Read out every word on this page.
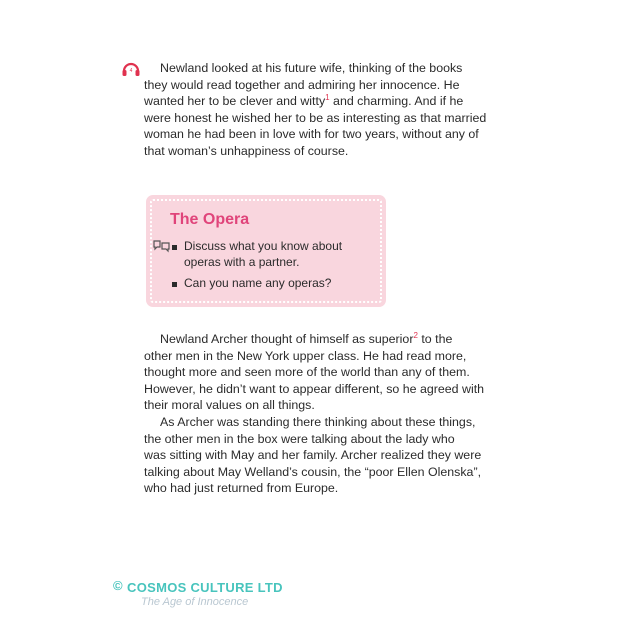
4	Newland looked at his future wife, thinking of the books
they would read together and admiring her innocence. He
wanted her to be clever and witty$^1$ and charming. And if he
were honest he wished her to be as interesting as that married
woman he had been in love with for two years, without any of
that woman’s unhappiness of course.

The Opera
Discuss what you know about operas with a partner.
Can you name any operas?

Newland Archer thought of himself as superior$^2$ to the
other men in the New York upper class. He had read more,
thought more and seen more of the world than any of them.
However, he didn’t want to appear different, so he agreed with
their moral values on all things.
As Archer was standing there thinking about these things,
the other men in the box were talking about the lady who
was sitting with May and her family. Archer realized they were
talking about May Welland’s cousin, the “poor Ellen Olenska”,
who had just returned from Europe.

© COSMOS CULTURE LTD
The Age of Innocence
